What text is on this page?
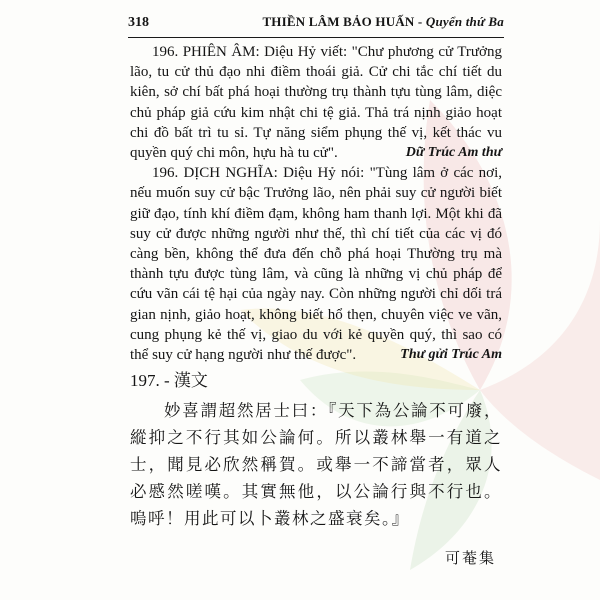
318	THIỀN LÂM BẢO HUẤN - Quyển thứ Ba

196. PHIÊN ÂM: Diệu Hỷ viết: "Chư phương cử Trưởng lão, tu cử thủ đạo nhi điềm thoái giả. Cử chi tắc chí tiết du kiên, sở chí bất phá hoại thường trụ thành tựu tùng lâm, diệc chủ pháp giả cứu kim nhật chi tệ giả. Thả trá nịnh giảo hoạt chi đồ bất trì tu sỉ. Tự năng siểm phụng thế vị, kết thác vu quyền quý chi môn, hựu hà tu cử".	Dữ Trúc Am thư

196. DỊCH NGHĨA: Diệu Hỷ nói: "Tùng lâm ở các nơi, nếu muốn suy cử bậc Trưởng lão, nên phải suy cử người biết giữ đạo, tính khí điềm đạm, không ham thanh lợi. Một khi đã suy cử được những người như thế, thì chí tiết của các vị đó càng bền, không thể đưa đến chỗ phá hoại Thường trụ mà thành tựu được tùng lâm, và cũng là những vị chủ pháp để cứu vãn cái tệ hại của ngày nay. Còn những người chỉ dối trá gian nịnh, giảo hoạt, không biết hổ thẹn, chuyên việc ve vãn, cung phụng kẻ thế vị, giao du với kẻ quyền quý, thì sao có thể suy cử hạng người như thế được".	Thư gửi Trúc Am

197. - 漢文

妙喜謂超然居士曰：『天下為公論不可廢，縱抑之不行其如公論何。所以叢林舉一有道之士，聞見必欣然稱賀。或舉一不諦當者，眾人必慼然嗟嘆。其實無他，以公論行與不行也。嗚呼！用此可以卜叢林之盛衰矣。』

可菴集
